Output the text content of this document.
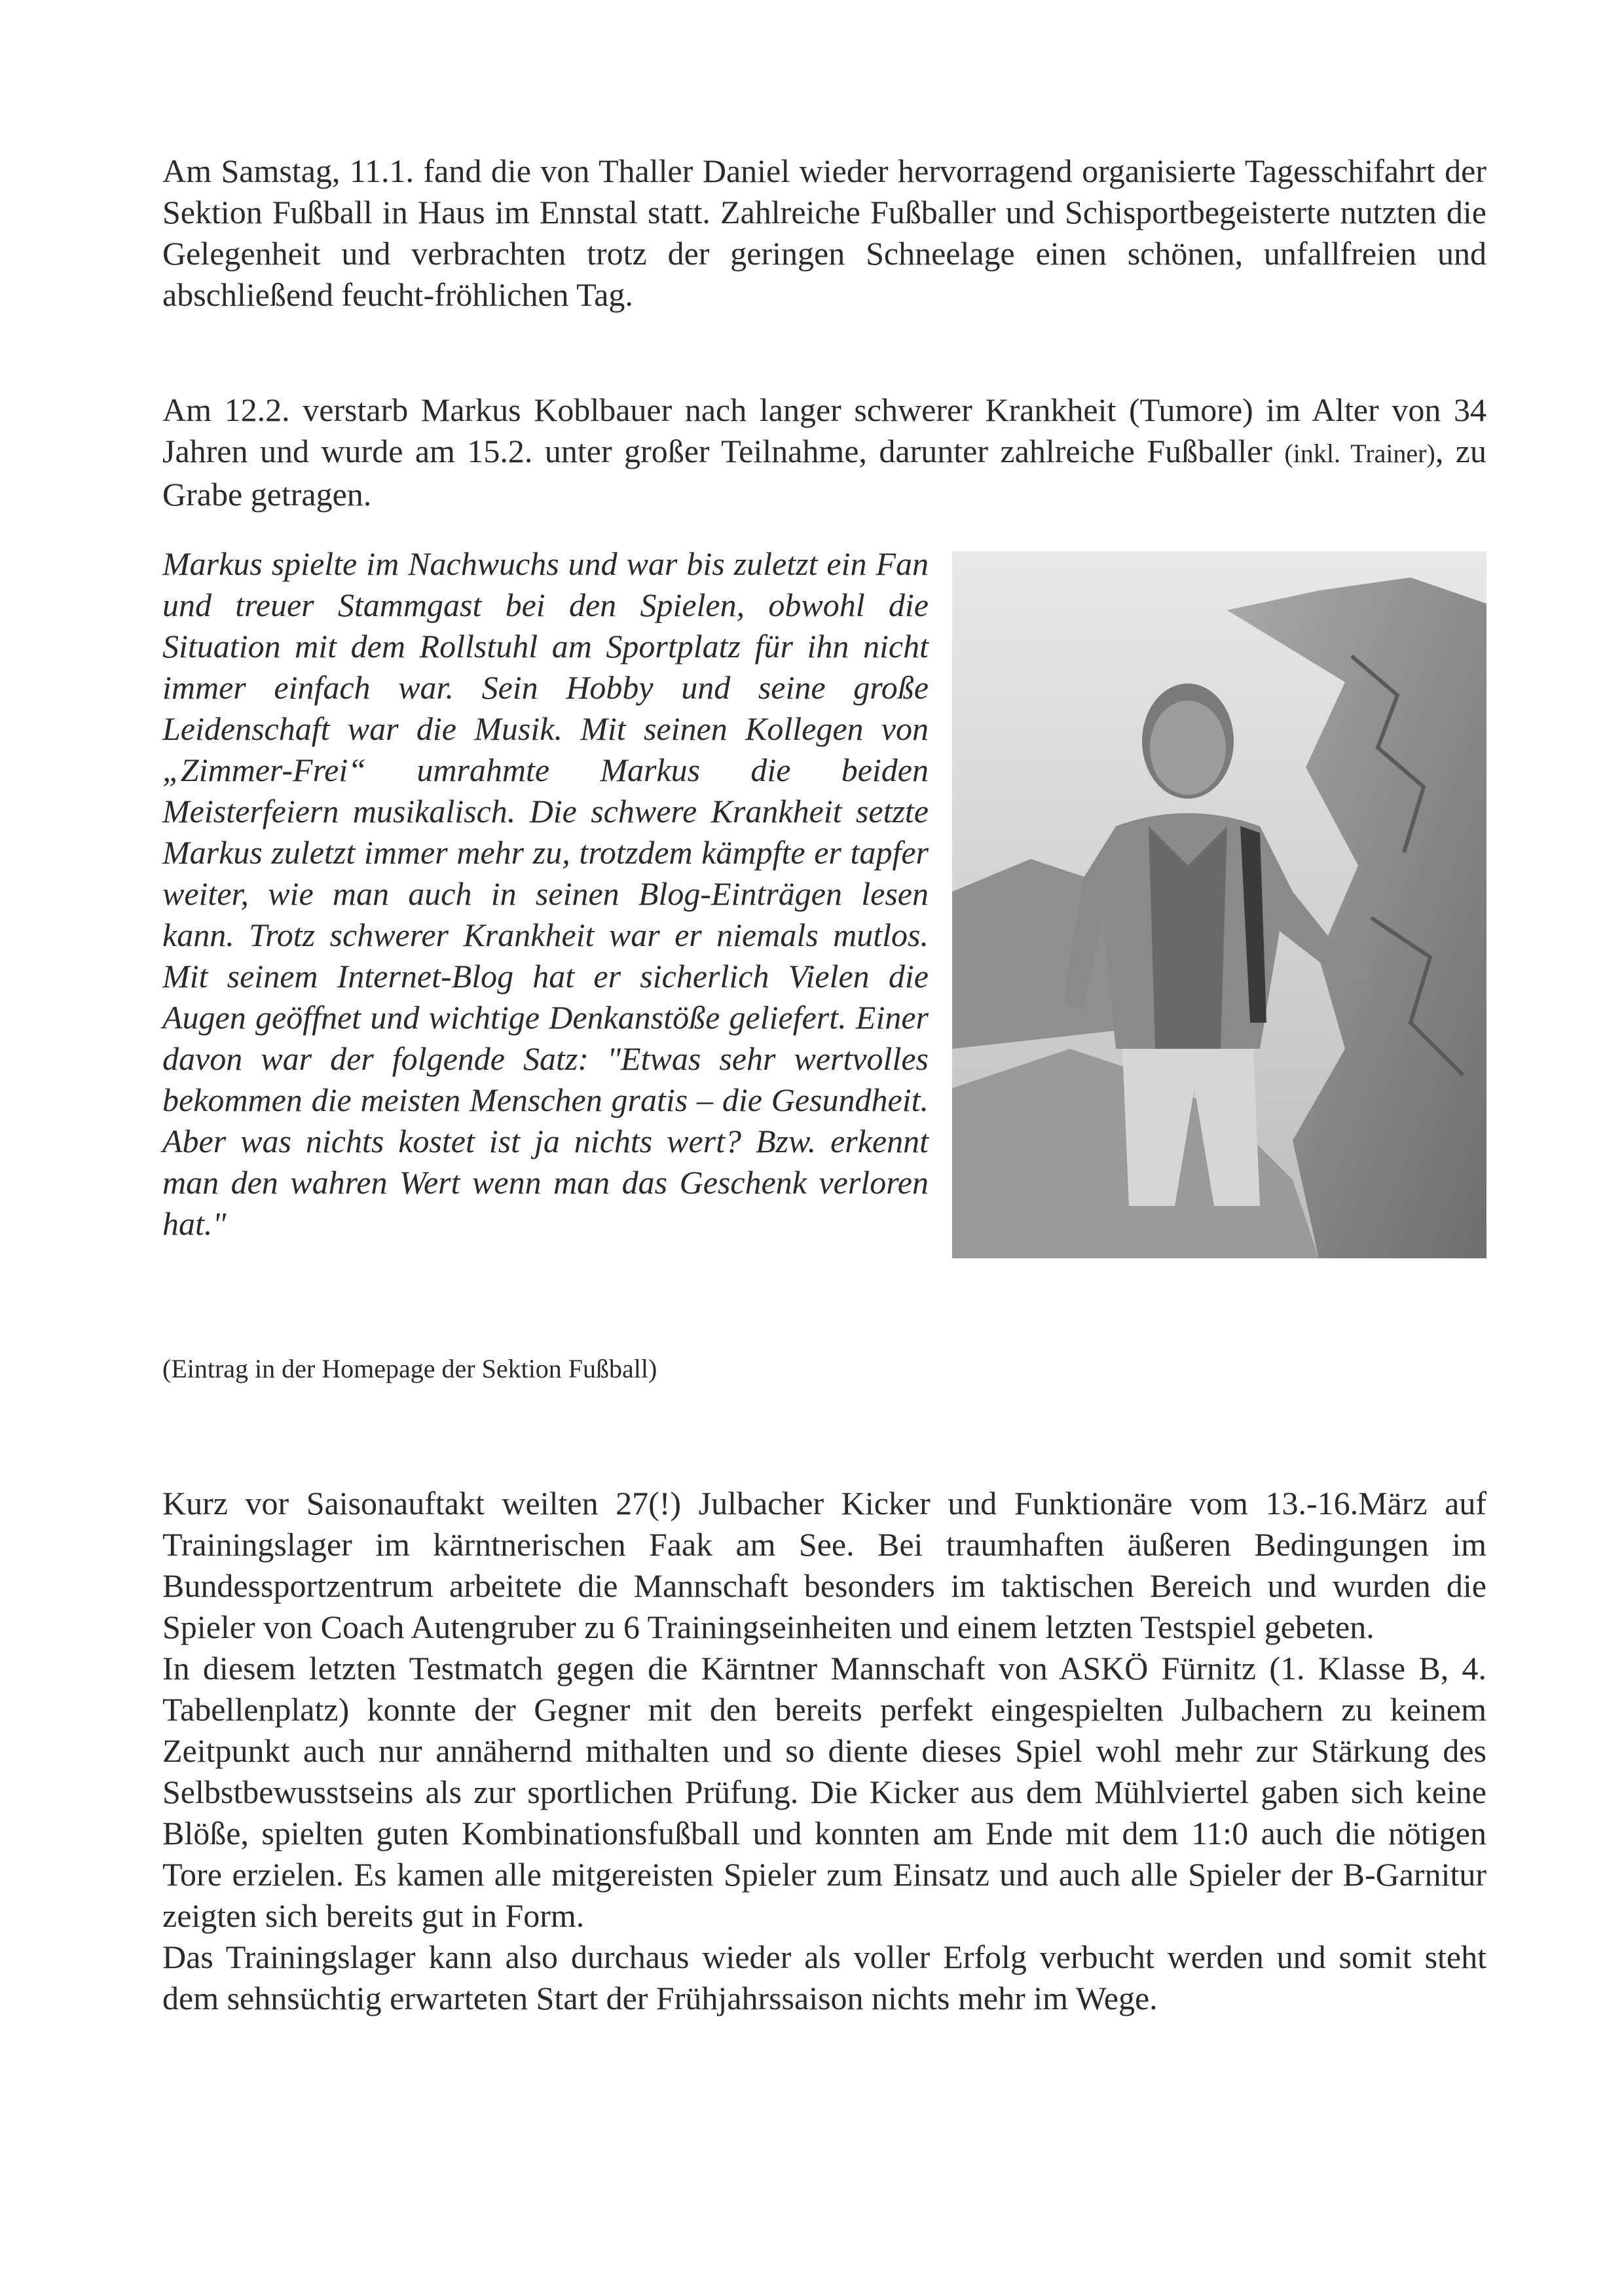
Am Samstag, 11.1. fand die von Thaller Daniel wieder hervorragend organisierte Tagesschifahrt der Sektion Fußball in Haus im Ennstal statt. Zahlreiche Fußballer und Schisportbegeisterte nutzten die Gelegenheit und verbrachten trotz der geringen Schneelage einen schönen, unfallfreien und abschließend feucht-fröhlichen Tag.
Am 12.2. verstarb Markus Koblbauer nach langer schwerer Krankheit (Tumore) im Alter von 34 Jahren und wurde am 15.2. unter großer Teilnahme, darunter zahlreiche Fußballer (inkl. Trainer), zu Grabe getragen.
Markus spielte im Nachwuchs und war bis zuletzt ein Fan und treuer Stammgast bei den Spielen, obwohl die Situation mit dem Rollstuhl am Sportplatz für ihn nicht immer einfach war. Sein Hobby und seine große Leidenschaft war die Musik. Mit seinen Kollegen von „Zimmer-Frei“ umrahmte Markus die beiden Meisterfeiern musikalisch. Die schwere Krankheit setzte Markus zuletzt immer mehr zu, trotzdem kämpfte er tapfer weiter, wie man auch in seinen Blog-Einträgen lesen kann. Trotz schwerer Krankheit war er niemals mutlos. Mit seinem Internet-Blog hat er sicherlich Vielen die Augen geöffnet und wichtige Denkanstöße geliefert. Einer davon war der folgende Satz: "Etwas sehr wertvolles bekommen die meisten Menschen gratis – die Gesundheit. Aber was nichts kostet ist ja nichts wert? Bzw. erkennt man den wahren Wert wenn man das Geschenk verloren hat."
(Eintrag in der Homepage der Sektion Fußball)
Kurz vor Saisonauftakt weilten 27(!) Julbacher Kicker und Funktionäre vom 13.-16.März auf Trainingslager im kärntnerischen Faak am See. Bei traumhaften äußeren Bedingungen im Bundessportzentrum arbeitete die Mannschaft besonders im taktischen Bereich und wurden die Spieler von Coach Autengruber zu 6 Trainingseinheiten und einem letzten Testspiel gebeten.
In diesem letzten Testmatch gegen die Kärntner Mannschaft von ASKÖ Fürnitz (1. Klasse B, 4. Tabellenplatz) konnte der Gegner mit den bereits perfekt eingespielten Julbachern zu keinem Zeitpunkt auch nur annähernd mithalten und so diente dieses Spiel wohl mehr zur Stärkung des Selbstbewusstseins als zur sportlichen Prüfung. Die Kicker aus dem Mühlviertel gaben sich keine Blöße, spielten guten Kombinationsfußball und konnten am Ende mit dem 11:0 auch die nötigen Tore erzielen. Es kamen alle mitgereisten Spieler zum Einsatz und auch alle Spieler der B-Garnitur zeigten sich bereits gut in Form.
Das Trainingslager kann also durchaus wieder als voller Erfolg verbucht werden und somit steht dem sehnsüchtig erwarteten Start der Frühjahrssaison nichts mehr im Wege.
